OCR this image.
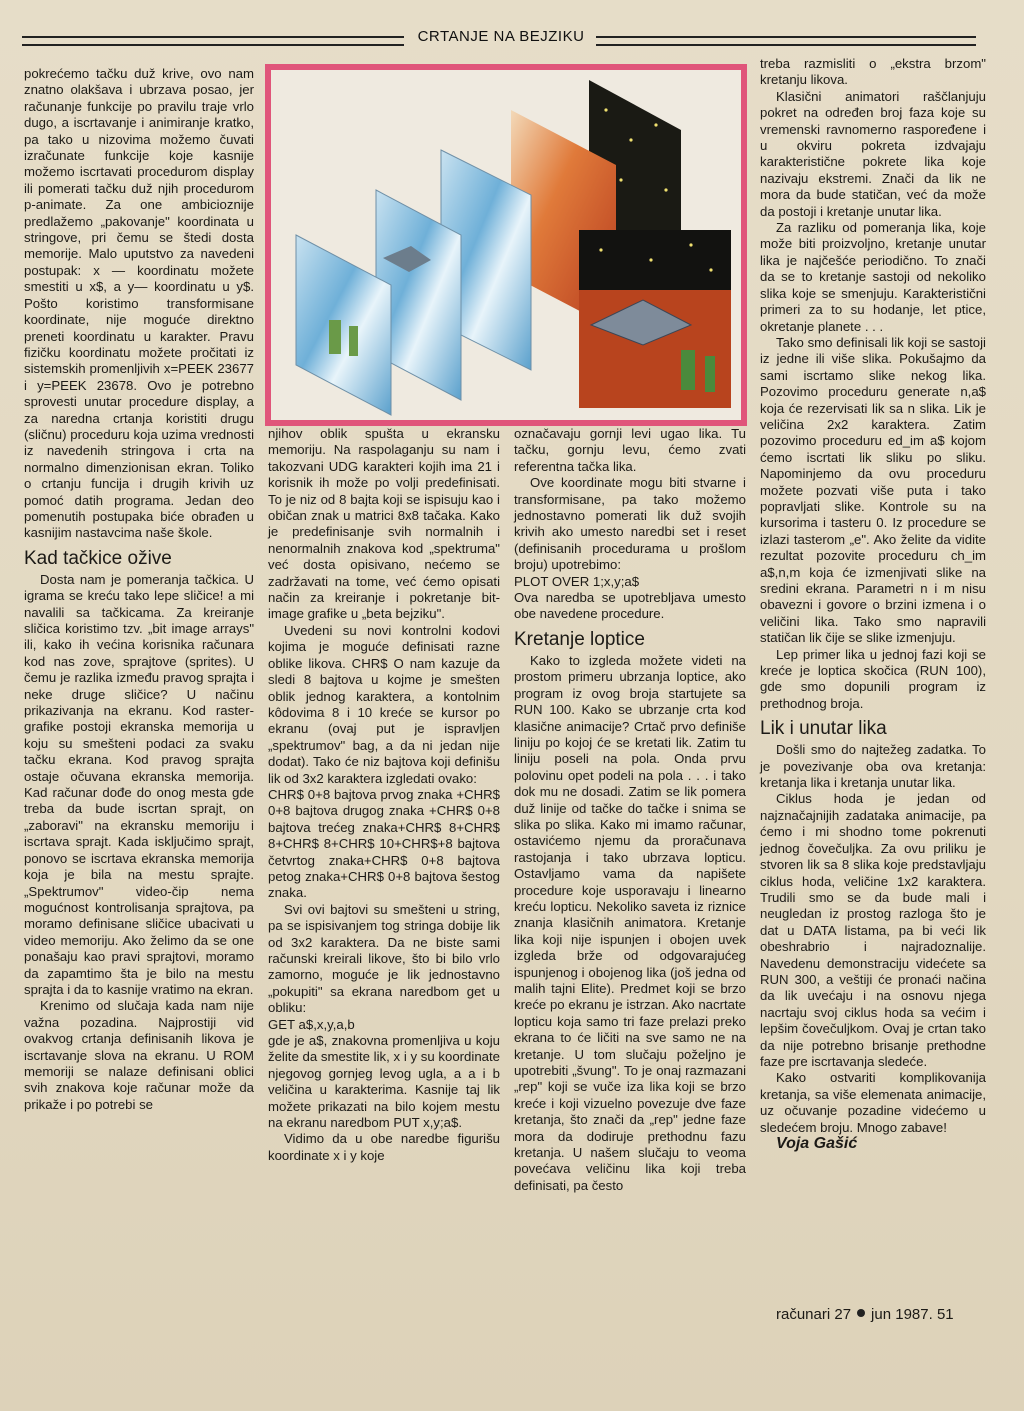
CRTANJE NA BEJZIKU

pokrećemo tačku duž krive, ovo nam znatno olakšava i ubrzava posao, jer računanje funkcije po pravilu traje vrlo dugo, a iscrtavanje i animiranje kratko, pa tako u nizovima možemo čuvati izračunate funkcije koje kasnije možemo iscrtavati procedurom display ili pomerati tačku duž njih procedurom p-animate. Za one ambicioznije predlažemo „pakovanje" koordinata u stringove, pri čemu se štedi dosta memorije. Malo uputstvo za navedeni postupak: x — koordinatu možete smestiti u x$, a y— koordinatu u y$. Pošto koristimo transformisane koordinate, nije moguće direktno preneti koordinatu u karakter. Pravu fizičku koordinatu možete pročitati iz sistemskih promenljivih x=PEEK 23677 i y=PEEK 23678. Ovo je potrebno sprovesti unutar procedure display, a za naredna crtanja koristiti drugu (sličnu) proceduru koja uzima vrednosti iz navedenih stringova i crta na normalno dimenzionisan ekran. Toliko o crtanju funcija i drugih krivih uz pomoć datih programa. Jedan deo pomenutih postupaka biće obrađen u kasnijim nastavcima naše škole.

Kad tačkice ožive

Dosta nam je pomeranja tačkica. U igrama se kreću tako lepe sličice! a mi navalili sa tačkicama. Za kreiranje sličica koristimo tzv. „bit image arrays" ili, kako ih većina korisnika računara kod nas zove, sprajtove (sprites). U čemu je razlika između pravog sprajta i neke druge sličice? U načinu prikazivanja na ekranu. Kod raster-grafike postoji ekranska memorija u koju su smešteni podaci za svaku tačku ekrana. Kod pravog sprajta ostaje očuvana ekranska memorija. Kad računar dođe do onog mesta gde treba da bude iscrtan sprajt, on „zaboravi" na ekransku memoriju i iscrtava sprajt. Kada isključimo sprajt, ponovo se iscrtava ekranska memorija koja je bila na mestu sprajte. „Spektrumov" video-čip nema mogućnost kontrolisanja sprajtova, pa moramo definisane sličice ubacivati u video memoriju. Ako želimo da se one ponašaju kao pravi sprajtovi, moramo da zapamtimo šta je bilo na mestu sprajta i da to kasnije vratimo na ekran.

Krenimo od slučaja kada nam nije važna pozadina. Najprostiji vid ovakvog crtanja definisanih likova je iscrtavanje slova na ekranu. U ROM memoriji se nalaze definisani oblici svih znakova koje računar može da prikaže i po potrebi se

njihov oblik spušta u ekransku memoriju. Na raspolaganju su nam i takozvani UDG karakteri kojih ima 21 i korisnik ih može po volji predefinisati. To je niz od 8 bajta koji se ispisuju kao i običan znak u matrici 8x8 tačaka. Kako je predefinisanje svih normalnih i nenormalnih znakova kod „spektruma" već dosta opisivano, nećemo se zadržavati na tome, već ćemo opisati način za kreiranje i pokretanje bit-image grafike u „beta bejziku".

Uvedeni su novi kontrolni kodovi kojima je moguće definisati razne oblike likova. CHR$ O nam kazuje da sledi 8 bajtova u kojme je smešten oblik jednog karaktera, a kontolnim kôdovima 8 i 10 kreće se kursor po ekranu (ovaj put je ispravljen „spektrumov" bag, a da ni jedan nije dodat). Tako će niz bajtova koji definišu lik od 3x2 karaktera izgledati ovako:

CHR$ 0+8 bajtova prvog znaka +CHR$ 0+8 bajtova drugog znaka +CHR$ 0+8 bajtova trećeg znaka+CHR$ 8+CHR$ 8+CHR$ 8+CHR$ 10+CHR$+8 bajtova četvrtog znaka+CHR$ 0+8 bajtova petog znaka+CHR$ 0+8 bajtova šestog znaka.

Svi ovi bajtovi su smešteni u string, pa se ispisivanjem tog stringa dobije lik od 3x2 karaktera. Da ne biste sami računski kreirali likove, što bi bilo vrlo zamorno, moguće je lik jednostavno „pokupiti" sa ekrana naredbom get u obliku:

GET a$,x,y,a,b

gde je a$, znakovna promenljiva u koju želite da smestite lik, x i y su koordinate njegovog gornjeg levog ugla, a a i b veličina u karakterima. Kasnije taj lik možete prikazati na bilo kojem mestu na ekranu naredbom PUT x,y;a$.

Vidimo da u obe naredbe figurišu koordinate x i y koje

označavaju gornji levi ugao lika. Tu tačku, gornju levu, ćemo zvati referentna tačka lika.

Ove koordinate mogu biti stvarne i transformisane, pa tako možemo jednostavno pomerati lik duž svojih krivih ako umesto naredbi set i reset (definisanih procedurama u prošlom broju) upotrebimo:

PLOT OVER 1;x,y;a$

Ova naredba se upotrebljava umesto obe navedene procedure.

Kretanje loptice

Kako to izgleda možete videti na prostom primeru ubrzanja loptice, ako program iz ovog broja startujete sa RUN 100. Kako se ubrzanje crta kod klasične animacije? Crtač prvo definiše liniju po kojoj će se kretati lik. Zatim tu liniju poseli na pola. Onda prvu polovinu opet podeli na pola . . . i tako dok mu ne dosadi. Zatim se lik pomera duž linije od tačke do tačke i snima se slika po slika. Kako mi imamo računar, ostavićemo njemu da proračunava rastojanja i tako ubrzava lopticu. Ostavljamo vama da napišete procedure koje usporavaju i linearno kreću lopticu. Nekoliko saveta iz riznice znanja klasičnih animatora. Kretanje lika koji nije ispunjen i obojen uvek izgleda brže od odgovarajućeg ispunjenog i obojenog lika (još jedna od malih tajni Elite). Predmet koji se brzo kreće po ekranu je istrzan. Ako nacrtate lopticu koja samo tri faze prelazi preko ekrana to će ličiti na sve samo ne na kretanje. U tom slučaju poželjno je upotrebiti „švung". To je onaj razmazani „rep" koji se vuče iza lika koji se brzo kreće i koji vizuelno povezuje dve faze kretanja, što znači da „rep" jedne faze mora da dodiruje prethodnu fazu kretanja. U našem slučaju to veoma povećava veličinu lika koji treba definisati, pa često

treba razmisliti o „ekstra brzom" kretanju likova.

Klasični animatori raščlanjuju pokret na određen broj faza koje su vremenski ravnomerno raspoređene i u okviru pokreta izdvajaju karakteristične pokrete lika koje nazivaju ekstremi. Znači da lik ne mora da bude statičan, već da može da postoji i kretanje unutar lika.

Za razliku od pomeranja lika, koje može biti proizvoljno, kretanje unutar lika je najčešće periodično. To znači da se to kretanje sastoji od nekoliko slika koje se smenjuju. Karakteristični primeri za to su hodanje, let ptice, okretanje planete . . .

Tako smo definisali lik koji se sastoji iz jedne ili više slika. Pokušajmo da sami iscrtamo slike nekog lika. Pozovimo proceduru generate n,a$ koja će rezervisati lik sa n slika. Lik je veličina 2x2 karaktera. Zatim pozovimo proceduru ed_im a$ kojom ćemo iscrtati lik sliku po sliku. Napominjemo da ovu proceduru možete pozvati više puta i tako popravljati slike. Kontrole su na kursorima i tasteru 0. Iz procedure se izlazi tasterom „e". Ako želite da vidite rezultat pozovite proceduru ch_im a$,n,m koja će izmenjivati slike na sredini ekrana. Parametri n i m nisu obavezni i govore o brzini izmena i o veličini lika. Tako smo napravili statičan lik čije se slike izmenjuju.

Lep primer lika u jednoj fazi koji se kreće je loptica skočica (RUN 100), gde smo dopunili program iz prethodnog broja.

Lik i unutar lika

Došli smo do najtežeg zadatka. To je povezivanje oba ova kretanja: kretanja lika i kretanja unutar lika.

Ciklus hoda je jedan od najznačajnijih zadataka animacije, pa ćemo i mi shodno tome pokrenuti jednog čovečuljka. Za ovu priliku je stvoren lik sa 8 slika koje predstavljaju ciklus hoda, veličine 1x2 karaktera. Trudili smo se da bude mali i neugledan iz prostog razloga što je dat u DATA listama, pa bi veći lik obeshrabrio i najradoznalije. Navedenu demonstraciju videćete sa RUN 300, a veštiji će pronaći načina da lik uvećaju i na osnovu njega nacrtaju svoj ciklus hoda sa većim i lepšim čovečuljkom. Ovaj je crtan tako da nije potrebno brisanje prethodne faze pre iscrtavanja sledeće.

Kako ostvariti komplikovanija kretanja, sa više elemenata animacije, uz očuvanje pozadine videćemo u sledećem broju. Mnogo zabave!

Voja Gašić

računari 27 jun 1987. 51
